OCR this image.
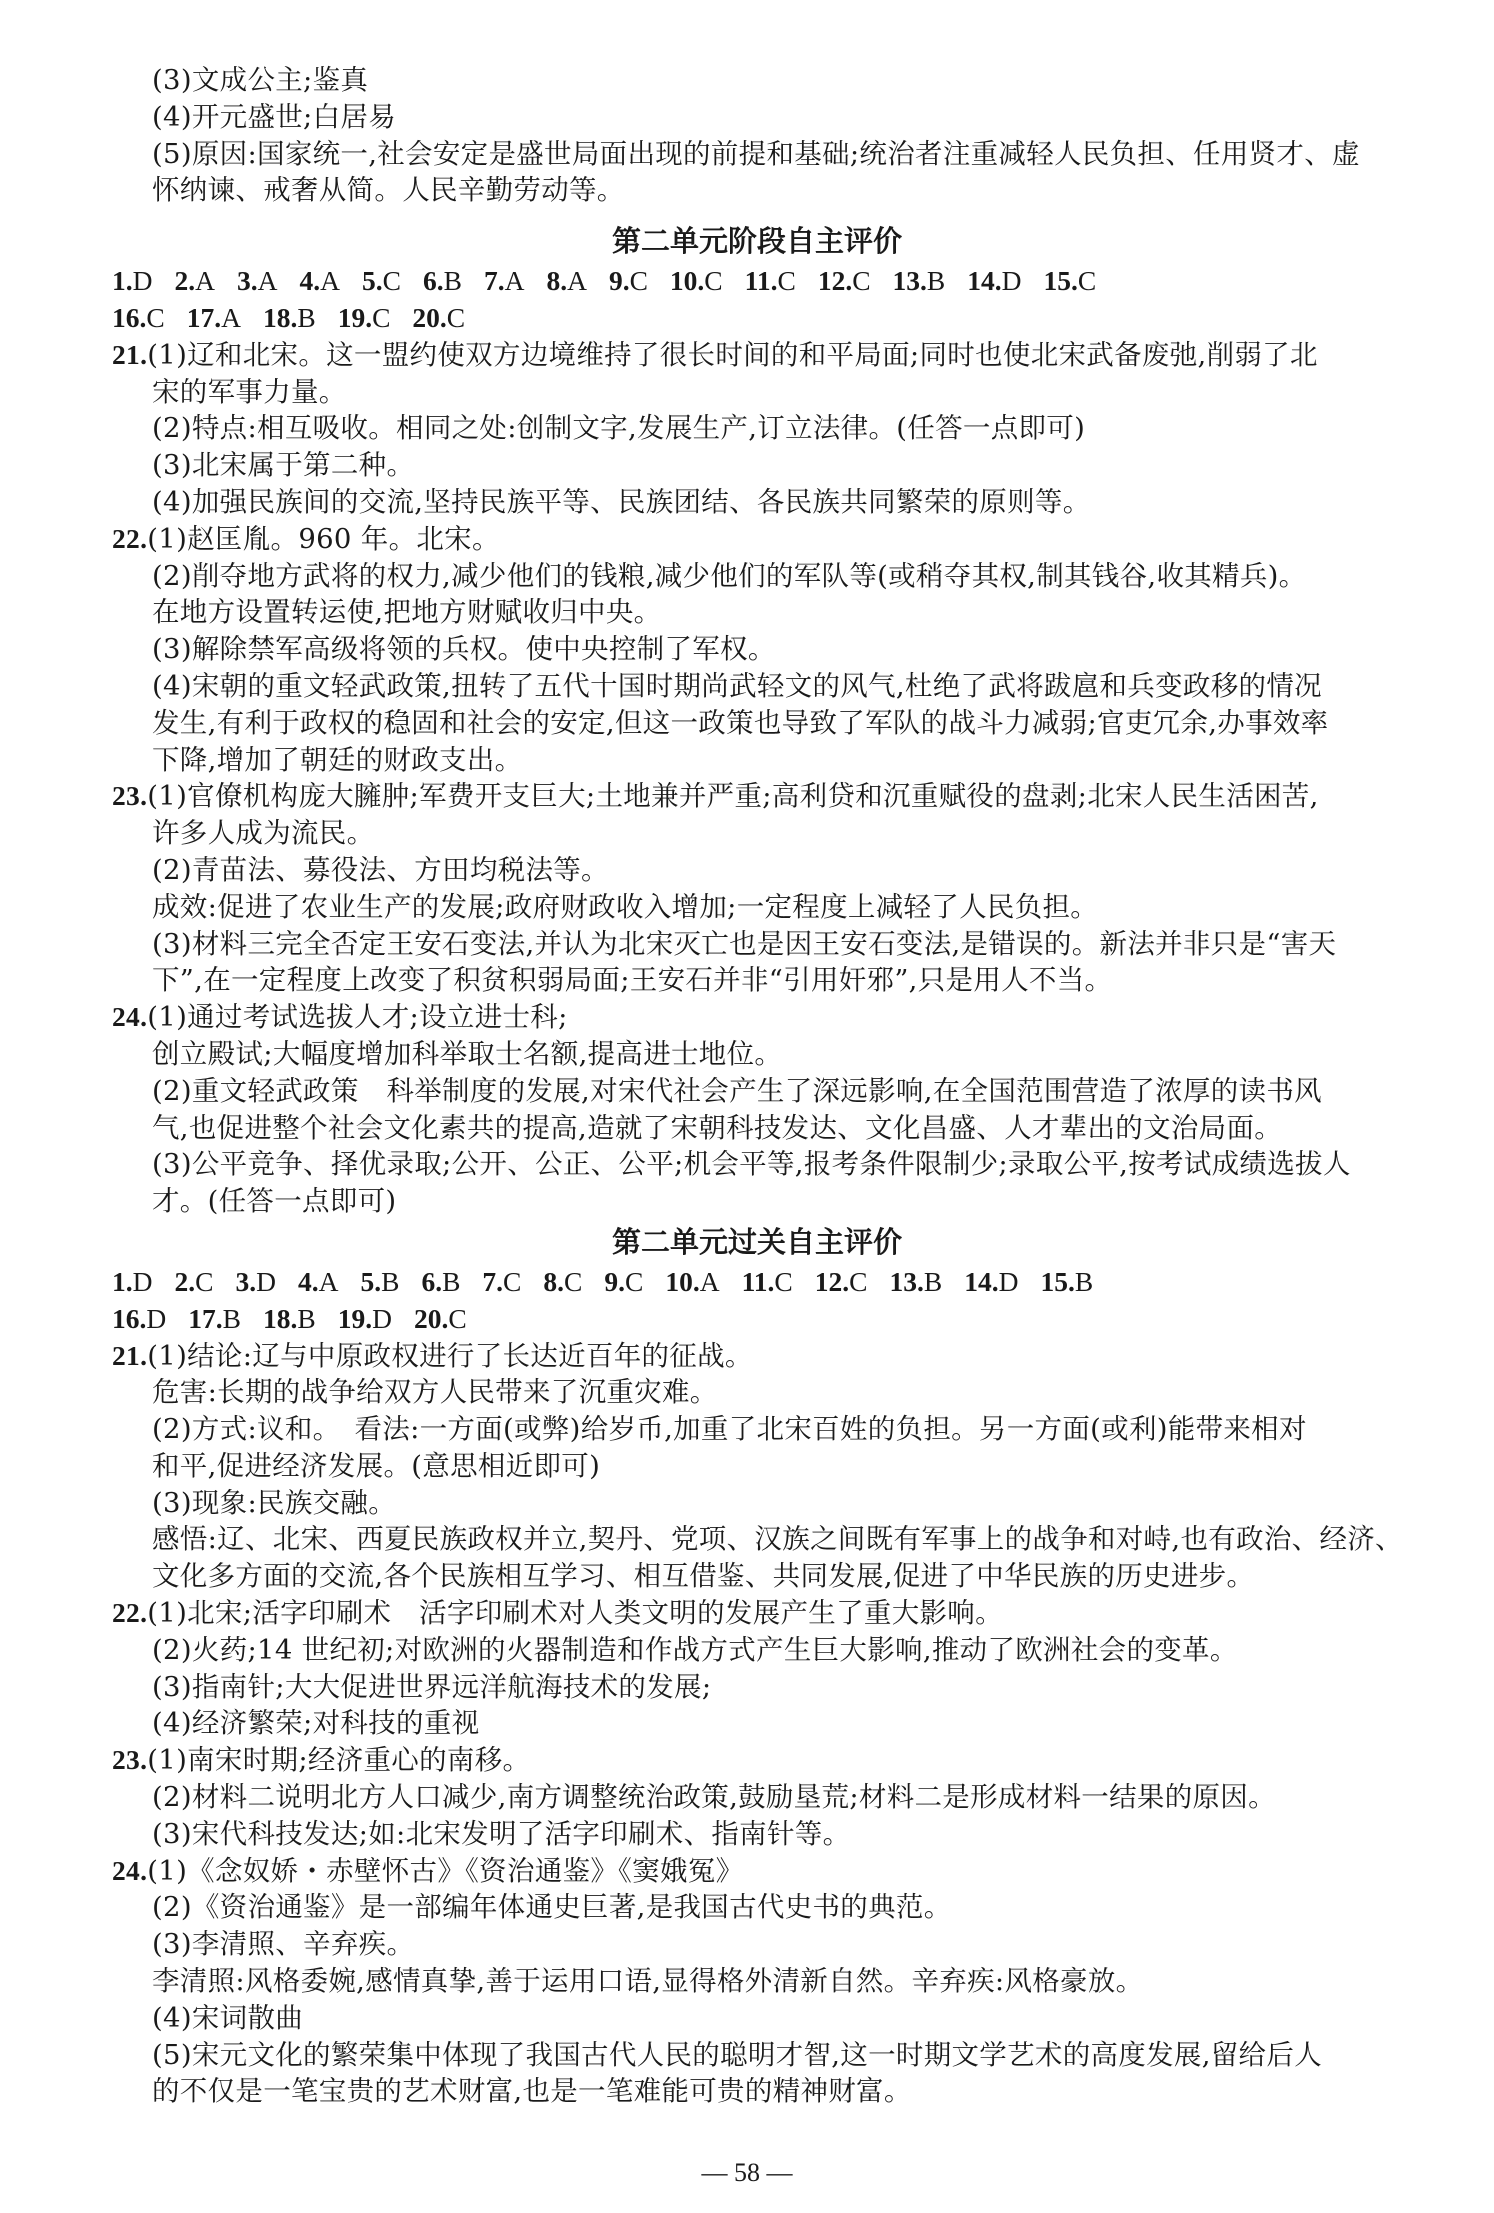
(3)文成公主;鉴真
(4)开元盛世;白居易
(5)原因:国家统一,社会安定是盛世局面出现的前提和基础;统治者注重减轻人民负担、任用贤才、虚
怀纳谏、戒奢从简。人民辛勤劳动等。
第二单元阶段自主评价
1.D 2.A 3.A 4.A 5.C 6.B 7.A 8.A 9.C 10.C 11.C 12.C 13.B 14.D 15.C
16.C 17.A 18.B 19.C 20.C
21.(1)辽和北宋。这一盟约使双方边境维持了很长时间的和平局面;同时也使北宋武备废弛,削弱了北
宋的军事力量。
(2)特点:相互吸收。相同之处:创制文字,发展生产,订立法律。(任答一点即可)
(3)北宋属于第二种。
(4)加强民族间的交流,坚持民族平等、民族团结、各民族共同繁荣的原则等。
22.(1)赵匡胤。960 年。北宋。
(2)削夺地方武将的权力,减少他们的钱粮,减少他们的军队等(或稍夺其权,制其钱谷,收其精兵)。
在地方设置转运使,把地方财赋收归中央。
(3)解除禁军高级将领的兵权。使中央控制了军权。
(4)宋朝的重文轻武政策,扭转了五代十国时期尚武轻文的风气,杜绝了武将跋扈和兵变政移的情况
发生,有利于政权的稳固和社会的安定,但这一政策也导致了军队的战斗力减弱;官吏冗余,办事效率
下降,增加了朝廷的财政支出。
23.(1)官僚机构庞大臃肿;军费开支巨大;土地兼并严重;高利贷和沉重赋役的盘剥;北宋人民生活困苦,
许多人成为流民。
(2)青苗法、募役法、方田均税法等。
成效:促进了农业生产的发展;政府财政收入增加;一定程度上减轻了人民负担。
(3)材料三完全否定王安石变法,并认为北宋灭亡也是因王安石变法,是错误的。新法并非只是“害天
下”,在一定程度上改变了积贫积弱局面;王安石并非“引用奸邪”,只是用人不当。
24.(1)通过考试选拔人才;设立进士科;
创立殿试;大幅度增加科举取士名额,提高进士地位。
(2)重文轻武政策　科举制度的发展,对宋代社会产生了深远影响,在全国范围营造了浓厚的读书风
气,也促进整个社会文化素共的提高,造就了宋朝科技发达、文化昌盛、人才辈出的文治局面。
(3)公平竞争、择优录取;公开、公正、公平;机会平等,报考条件限制少;录取公平,按考试成绩选拔人
才。(任答一点即可)
第二单元过关自主评价
1.D 2.C 3.D 4.A 5.B 6.B 7.C 8.C 9.C 10.A 11.C 12.C 13.B 14.D 15.B
16.D 17.B 18.B 19.D 20.C
21.(1)结论:辽与中原政权进行了长达近百年的征战。
危害:长期的战争给双方人民带来了沉重灾难。
(2)方式:议和。　看法:一方面(或弊)给岁币,加重了北宋百姓的负担。另一方面(或利)能带来相对
和平,促进经济发展。(意思相近即可)
(3)现象:民族交融。
感悟:辽、北宋、西夏民族政权并立,契丹、党项、汉族之间既有军事上的战争和对峙,也有政治、经济、
文化多方面的交流,各个民族相互学习、相互借鉴、共同发展,促进了中华民族的历史进步。
22.(1)北宋;活字印刷术　活字印刷术对人类文明的发展产生了重大影响。
(2)火药;14 世纪初;对欧洲的火器制造和作战方式产生巨大影响,推动了欧洲社会的变革。
(3)指南针;大大促进世界远洋航海技术的发展;
(4)经济繁荣;对科技的重视
23.(1)南宋时期;经济重心的南移。
(2)材料二说明北方人口减少,南方调整统治政策,鼓励垦荒;材料二是形成材料一结果的原因。
(3)宋代科技发达;如:北宋发明了活字印刷术、指南针等。
24.(1)《念奴娇・赤壁怀古》《资治通鉴》《窦娥冤》
(2)《资治通鉴》是一部编年体通史巨著,是我国古代史书的典范。
(3)李清照、辛弃疾。
李清照:风格委婉,感情真挚,善于运用口语,显得格外清新自然。辛弃疾:风格豪放。
(4)宋词散曲
(5)宋元文化的繁荣集中体现了我国古代人民的聪明才智,这一时期文学艺术的高度发展,留给后人
的不仅是一笔宝贵的艺术财富,也是一笔难能可贵的精神财富。
— 58 —
